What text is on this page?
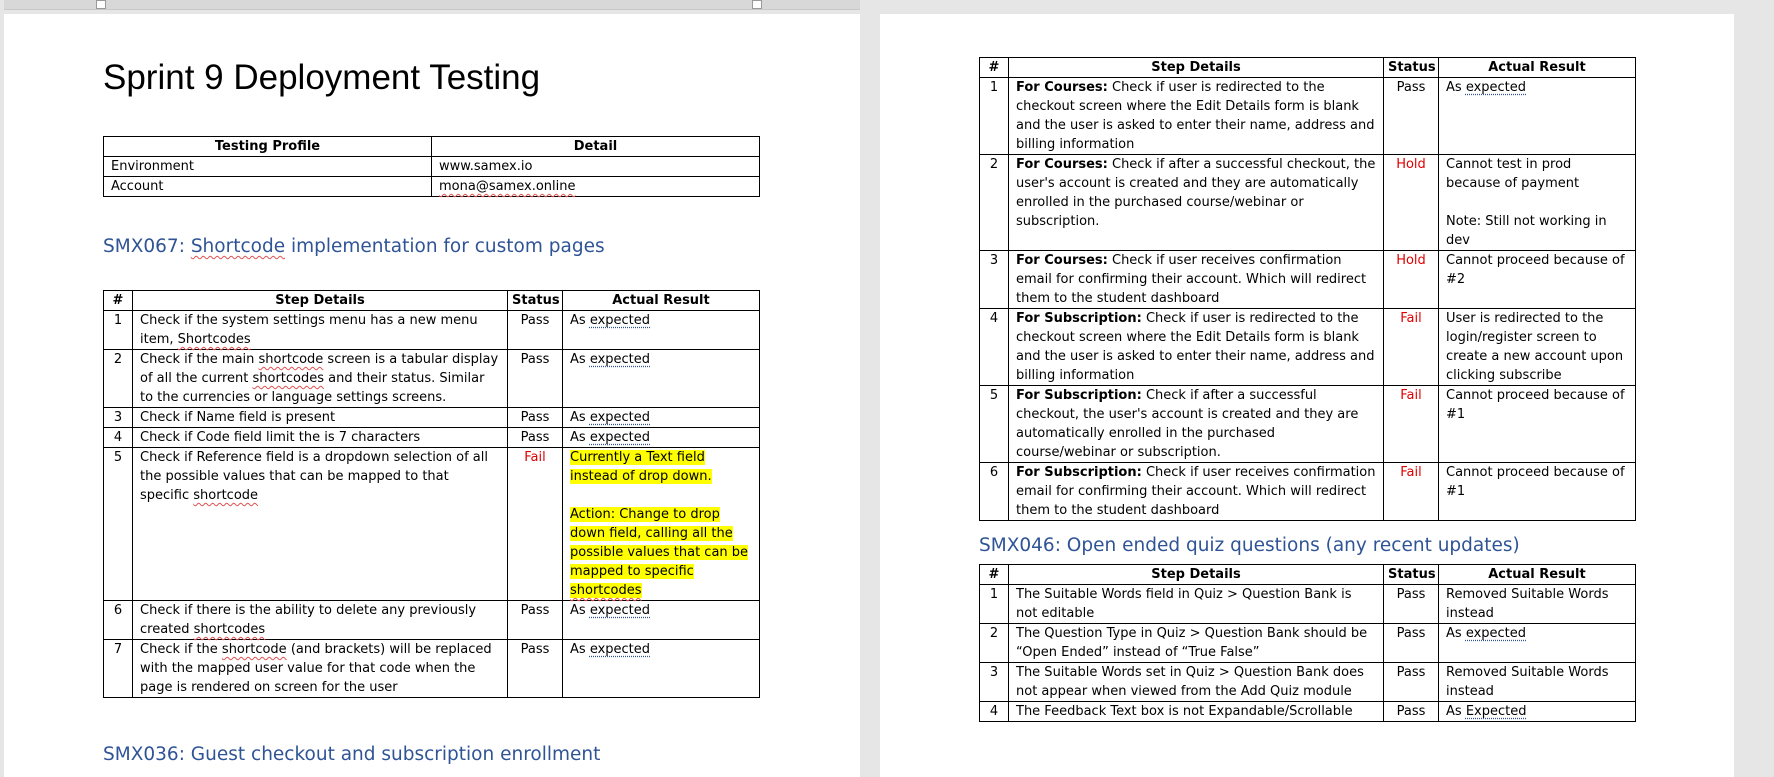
Sprint 9 Deployment Testing
Testing Profile	Detail
Environment	www.samex.io
Account	mona@samex.online
SMX067: Shortcode implementation for custom pages
#	Step Details	Status	Actual Result
1	Check if the system settings menu has a new menu item, Shortcodes	Pass	As expected
2	Check if the main shortcode screen is a tabular display of all the current shortcodes and their status. Similar to the currencies or language settings screens.	Pass	As expected
3	Check if Name field is present	Pass	As expected
4	Check if Code field limit the is 7 characters	Pass	As expected
5	Check if Reference field is a dropdown selection of all the possible values that can be mapped to that specific shortcode	Fail	Currently a Text field instead of drop down.
Action: Change to drop down field, calling all the possible values that can be mapped to specific shortcodes
6	Check if there is the ability to delete any previously created shortcodes	Pass	As expected
7	Check if the shortcode (and brackets) will be replaced with the mapped user value for that code when the page is rendered on screen for the user	Pass	As expected
SMX036: Guest checkout and subscription enrollment
#	Step Details	Status	Actual Result
1	For Courses: Check if user is redirected to the checkout screen where the Edit Details form is blank and the user is asked to enter their name, address and billing information	Pass	As expected
2	For Courses: Check if after a successful checkout, the user's account is created and they are automatically enrolled in the purchased course/webinar or subscription.	Hold	Cannot test in prod because of payment
Note: Still not working in dev

3	For Courses: Check if user receives confirmation email for confirming their account. Which will redirect them to the student dashboard	Hold	Cannot proceed because of #2
4	For Subscription: Check if user is redirected to the checkout screen where the Edit Details form is blank and the user is asked to enter their name, address and billing information	Fail	User is redirected to the login/register screen to create a new account upon clicking subscribe
5	For Subscription: Check if after a successful checkout, the user's account is created and they are automatically enrolled in the purchased course/webinar or subscription.	Fail	Cannot proceed because of #1
6	For Subscription: Check if user receives confirmation email for confirming their account. Which will redirect them to the student dashboard	Fail	Cannot proceed because of #1
SMX046: Open ended quiz questions (any recent updates)
#	Step Details	Status	Actual Result
1	The Suitable Words field in Quiz > Question Bank is not editable	Pass	Removed Suitable Words instead
2	The Question Type in Quiz > Question Bank should be “Open Ended” instead of “True False”	Pass	As expected
3	The Suitable Words set in Quiz > Question Bank does not appear when viewed from the Add Quiz module	Pass	Removed Suitable Words instead
4	The Feedback Text box is not Expandable/Scrollable	Pass	As Expected
